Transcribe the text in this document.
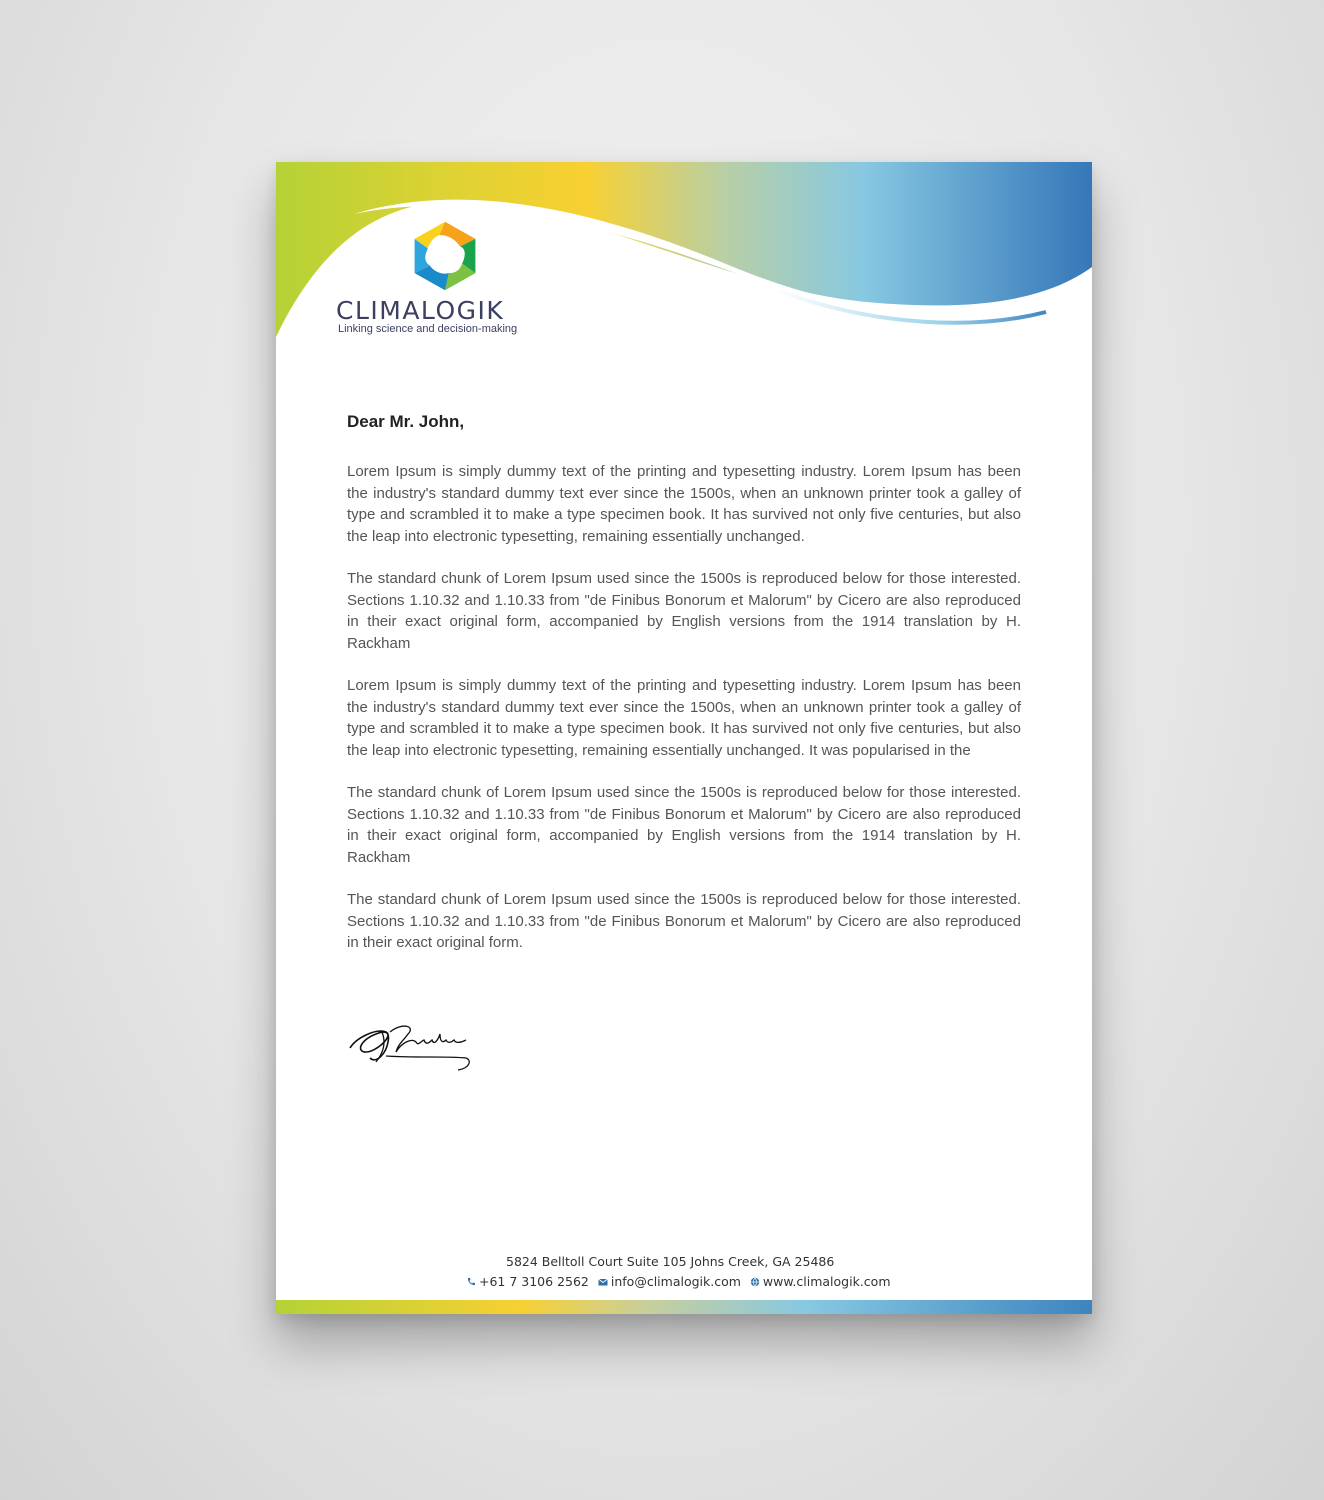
CLIMALOGIK
Linking science and decision-making
Dear Mr. John,

Lorem Ipsum is simply dummy text of the printing and typesetting industry. Lorem Ipsum has been the industry's standard dummy text ever since the 1500s, when an unknown printer took a galley of type and scrambled it to make a type specimen book. It has survived not only five centuries, but also the leap into electronic typesetting, remaining essentially unchanged.

The standard chunk of Lorem Ipsum used since the 1500s is reproduced below for those interested. Sections 1.10.32 and 1.10.33 from "de Finibus Bonorum et Malorum" by Cicero are also reproduced in their exact original form, accompanied by English versions from the 1914 translation by H. Rackham

Lorem Ipsum is simply dummy text of the printing and typesetting industry. Lorem Ipsum has been the industry's standard dummy text ever since the 1500s, when an unknown printer took a galley of type and scrambled it to make a type specimen book. It has survived not only five centuries, but also the leap into electronic typesetting, remaining essentially unchanged. It was popularised in the

The standard chunk of Lorem Ipsum used since the 1500s is reproduced below for those interested. Sections 1.10.32 and 1.10.33 from "de Finibus Bonorum et Malorum" by Cicero are also reproduced in their exact original form, accompanied by English versions from the 1914 translation by H. Rackham

The standard chunk of Lorem Ipsum used since the 1500s is reproduced below for those interested. Sections 1.10.32 and 1.10.33 from "de Finibus Bonorum et Malorum" by Cicero are also reproduced in their exact original form.

5824 Belltoll Court Suite 105 Johns Creek, GA 25486
+61 7 3106 2562 info@climalogik.com www.climalogik.com
